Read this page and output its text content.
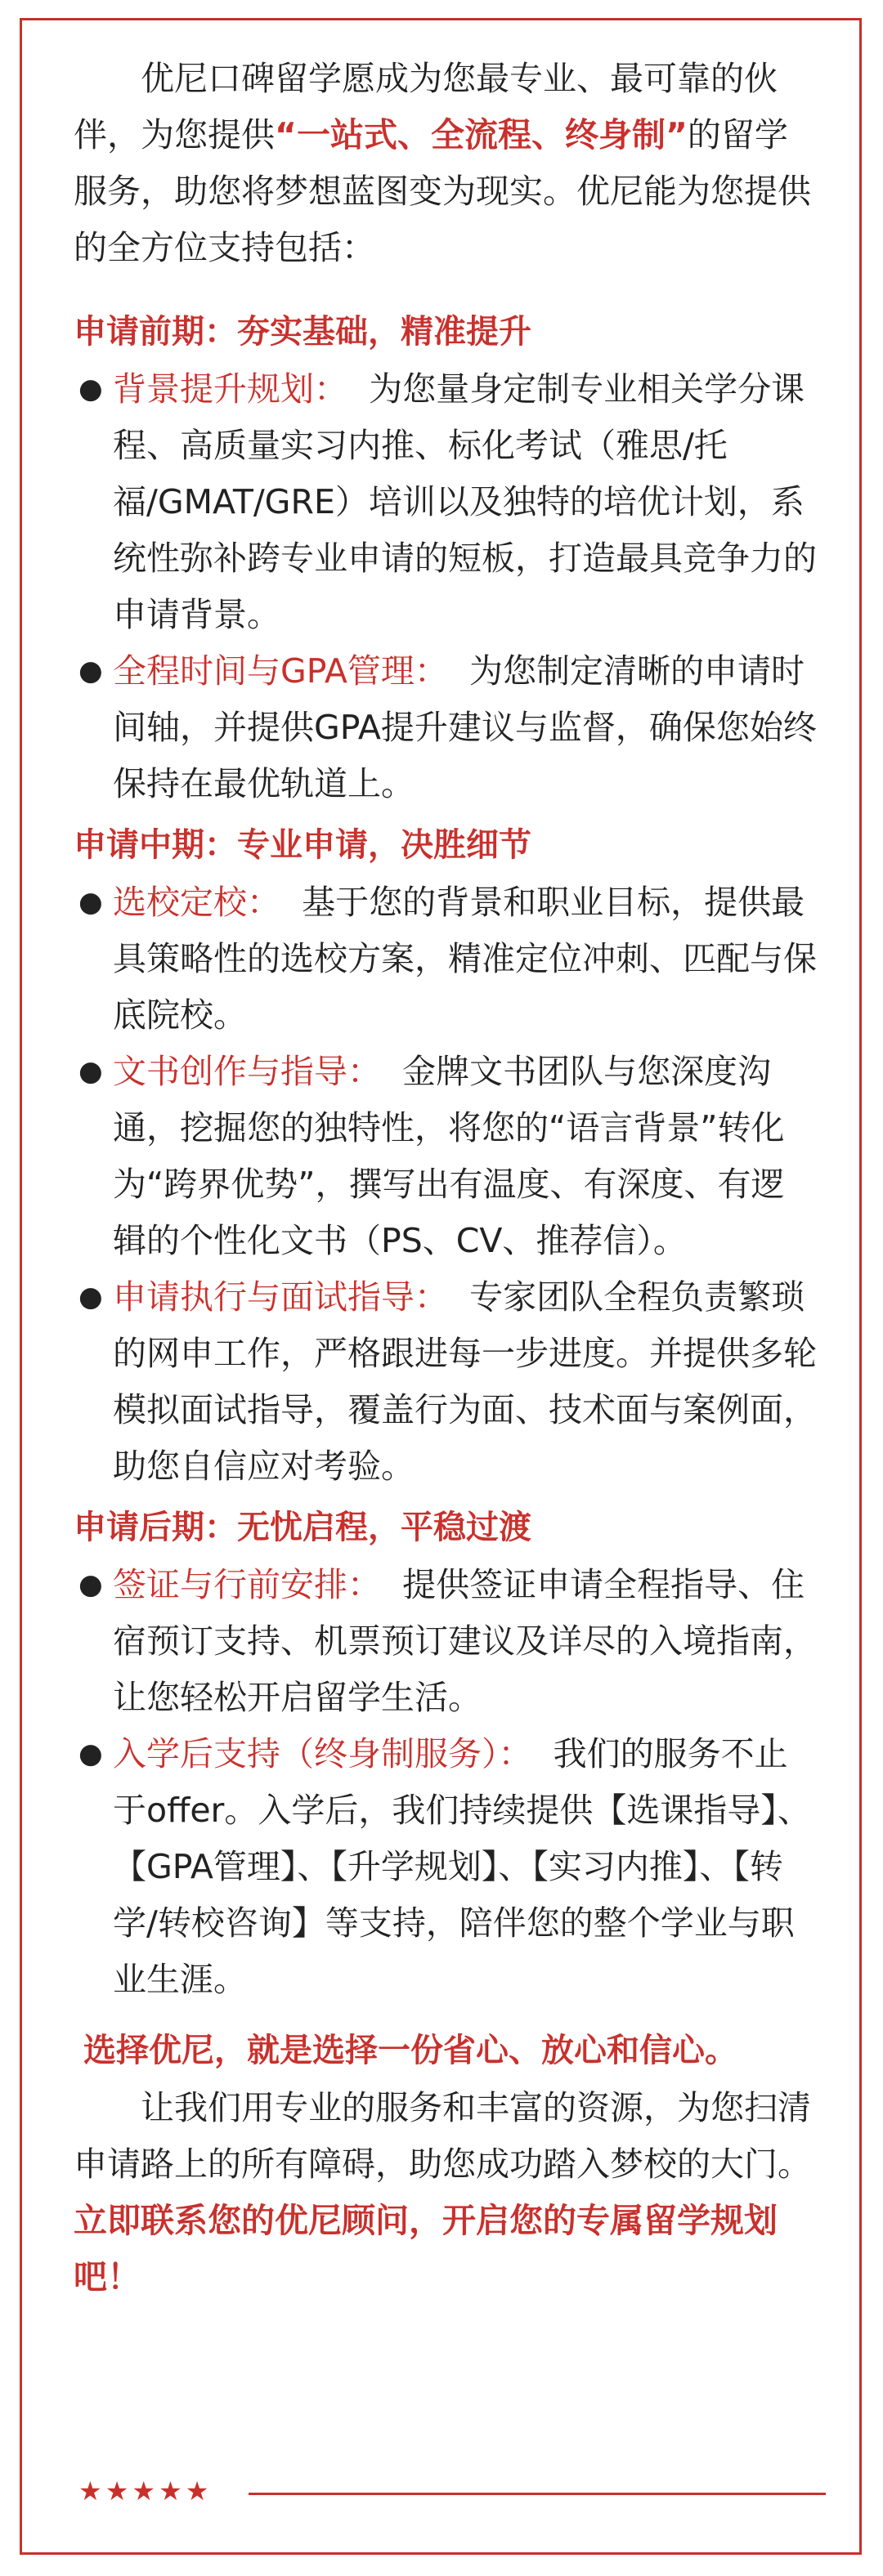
优尼口碑留学愿成为您最专业、最可靠的伙伴，为您提供“一站式、全流程、终身制”的留学服务，助您将梦想蓝图变为现实。优尼能为您提供的全方位支持包括：

申请前期：夯实基础，精准提升

● 背景提升规划： 为您量身定制专业相关学分课程、高质量实习内推、标化考试（雅思/托福/GMAT/GRE）培训以及独特的培优计划，系统性弥补跨专业申请的短板，打造最具竞争力的申请背景。
● 全程时间与GPA管理： 为您制定清晰的申请时间轴，并提供GPA提升建议与监督，确保您始终保持在最优轨道上。

申请中期：专业申请，决胜细节

● 选校定校： 基于您的背景和职业目标，提供最具策略性的选校方案，精准定位冲刺、匹配与保底院校。
● 文书创作与指导： 金牌文书团队与您深度沟通，挖掘您的独特性，将您的“语言背景”转化为“跨界优势”，撰写出有温度、有深度、有逻辑的个性化文书（PS、CV、推荐信）。
● 申请执行与面试指导： 专家团队全程负责繁琐的网申工作，严格跟进每一步进度。并提供多轮模拟面试指导，覆盖行为面、技术面与案例面，助您自信应对考验。

申请后期：无忧启程，平稳过渡

● 签证与行前安排： 提供签证申请全程指导、住宿预订支持、机票预订建议及详尽的入境指南，让您轻松开启留学生活。
● 入学后支持（终身制服务）： 我们的服务不止于offer。入学后，我们持续提供【选课指导】、【GPA管理】、【升学规划】、【实习内推】、【转学/转校咨询】等支持，陪伴您的整个学业与职业生涯。

选择优尼，就是选择一份省心、放心和信心。

让我们用专业的服务和丰富的资源，为您扫清申请路上的所有障碍，助您成功踏入梦校的大门。立即联系您的优尼顾问，开启您的专属留学规划吧！

★★★★★
